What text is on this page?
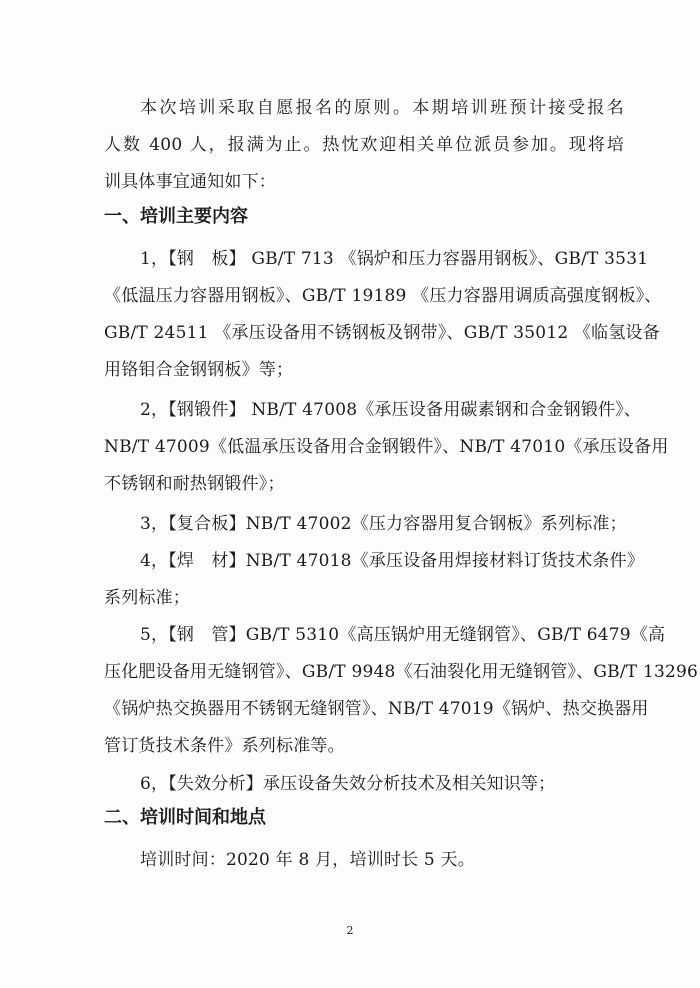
本次培训采取自愿报名的原则。本期培训班预计接受报名
人数 400 人，报满为止。热忱欢迎相关单位派员参加。现将培
训具体事宜通知如下：
一、培训主要内容
1，【钢　板】 GB/T 713 《锅炉和压力容器用钢板》、GB/T 3531
《低温压力容器用钢板》、GB/T 19189 《压力容器用调质高强度钢板》、
GB/T 24511 《承压设备用不锈钢板及钢带》、GB/T 35012 《临氢设备
用铬钼合金钢钢板》等；
2，【钢锻件】 NB/T 47008《承压设备用碳素钢和合金钢锻件》、
NB/T 47009《低温承压设备用合金钢锻件》、NB/T 47010《承压设备用
不锈钢和耐热钢锻件》；
3，【复合板】NB/T 47002《压力容器用复合钢板》系列标准；
4，【焊　材】NB/T 47018《承压设备用焊接材料订货技术条件》
系列标准；
5，【钢　管】GB/T 5310《高压锅炉用无缝钢管》、GB/T 6479《高
压化肥设备用无缝钢管》、GB/T 9948《石油裂化用无缝钢管》、GB/T 13296
《锅炉热交换器用不锈钢无缝钢管》、NB/T 47019《锅炉、热交换器用
管订货技术条件》系列标准等。
6，【失效分析】承压设备失效分析技术及相关知识等；
二、培训时间和地点
培训时间：2020 年 8 月，培训时长 5 天。
2
